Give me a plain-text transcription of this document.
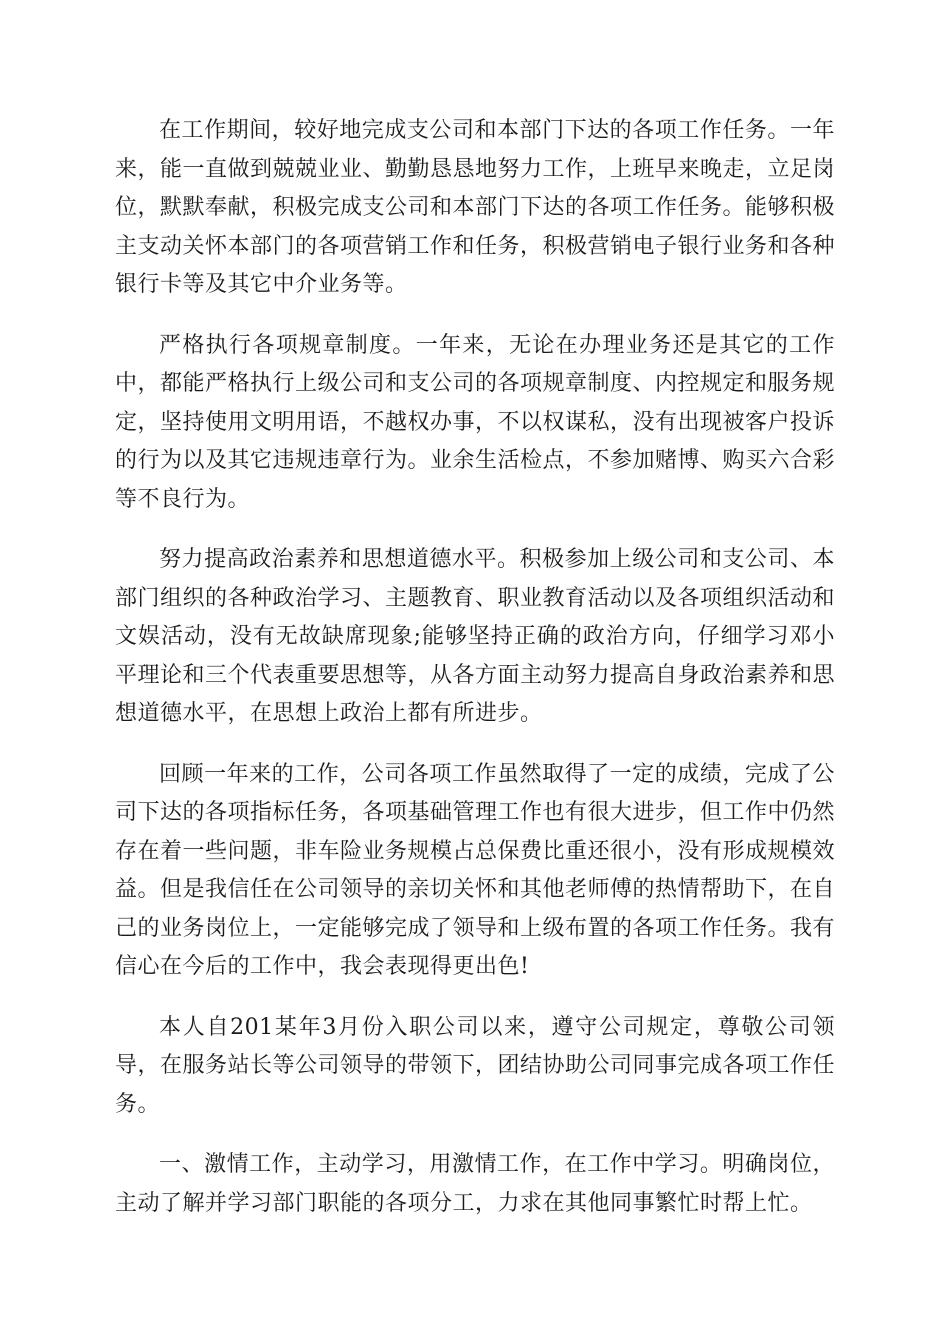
在工作期间，较好地完成支公司和本部门下达的各项工作任务。一年来，能一直做到兢兢业业、勤勤恳恳地努力工作，上班早来晚走，立足岗位，默默奉献，积极完成支公司和本部门下达的各项工作任务。能够积极主支动关怀本部门的各项营销工作和任务，积极营销电子银行业务和各种银行卡等及其它中介业务等。

严格执行各项规章制度。一年来，无论在办理业务还是其它的工作中，都能严格执行上级公司和支公司的各项规章制度、内控规定和服务规定，坚持使用文明用语，不越权办事，不以权谋私，没有出现被客户投诉的行为以及其它违规违章行为。业余生活检点，不参加赌博、购买六合彩等不良行为。

努力提高政治素养和思想道德水平。积极参加上级公司和支公司、本部门组织的各种政治学习、主题教育、职业教育活动以及各项组织活动和文娱活动，没有无故缺席现象;能够坚持正确的政治方向，仔细学习邓小平理论和三个代表重要思想等，从各方面主动努力提高自身政治素养和思想道德水平，在思想上政治上都有所进步。

回顾一年来的工作，公司各项工作虽然取得了一定的成绩，完成了公司下达的各项指标任务，各项基础管理工作也有很大进步，但工作中仍然存在着一些问题，非车险业务规模占总保费比重还很小，没有形成规模效益。但是我信任在公司领导的亲切关怀和其他老师傅的热情帮助下，在自己的业务岗位上，一定能够完成了领导和上级布置的各项工作任务。我有信心在今后的工作中，我会表现得更出色!

本人自201某年3月份入职公司以来，遵守公司规定，尊敬公司领导，在服务站长等公司领导的带领下，团结协助公司同事完成各项工作任务。

一、激情工作，主动学习，用激情工作，在工作中学习。明确岗位，主动了解并学习部门职能的各项分工，力求在其他同事繁忙时帮上忙。
